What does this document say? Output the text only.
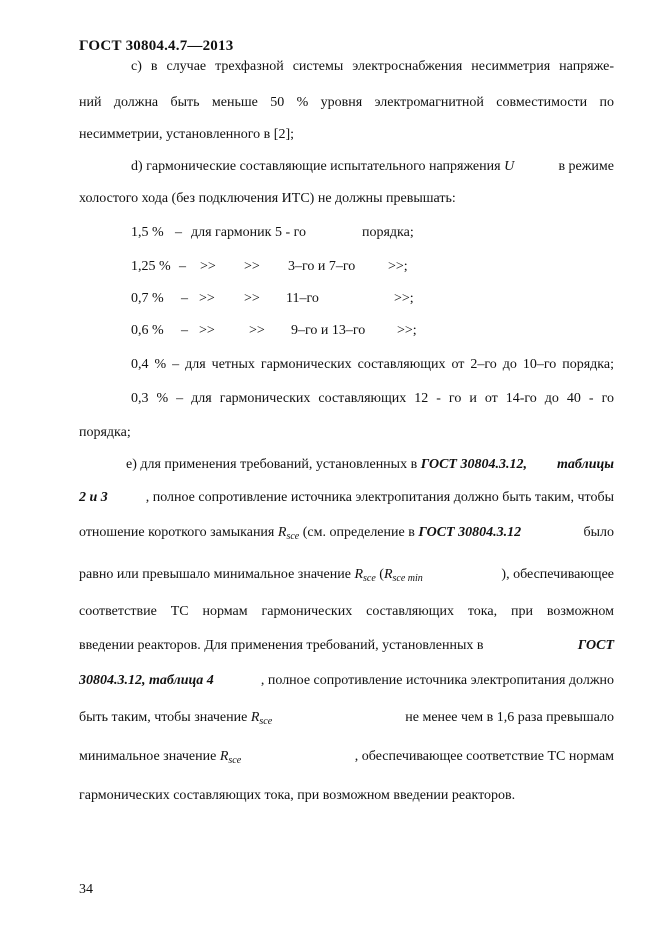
ГОСТ 30804.4.7—2013
c) в случае трехфазной системы электроснабжения несимметрия напряже-
ний должна быть меньше 50 % уровня электромагнитной совместимости по
несимметрии, установленного в [2];
d) гармонические составляющие испытательного напряжения U	в режиме
холостого хода (без подключения ИТС) не должны превышать:
1,5 % – для гармоник 5 - го	порядка;
1,25 % – >> >> 3–го и 7–го >>;
0,7 % – >> >> 11–го	>>;
0,6 % – >> >> 9–го и 13–го >>;
0,4 % – для четных гармонических составляющих от 2–го до 10–го порядка;
0,3 % – для гармонических составляющих 12 - го и от 14-го до 40 - го
порядка;
e) для применения требований, установленных в ГОСТ 30804.3.12, таблицы
2 и 3	, полное сопротивление источника электропитания должно быть таким, чтобы
отношение короткого замыкания $R_{sce}$ (см. определение в ГОСТ 30804.3.12	было
равно или превышало минимальное значение $R_{sce}$ ($R_{sce min}$	), обеспечивающее
соответствие ТС нормам гармонических составляющих тока, при возможном
введении реакторов. Для применения требований, установленных в	ГОСТ
30804.3.12, таблица 4	, полное сопротивление источника электропитания должно
быть таким, чтобы значение $R_{sce}$	не менее чем в 1,6 раза превышало
минимальное значение $R_{sce}$	, обеспечивающее соответствие ТС нормам
гармонических составляющих тока, при возможном введении реакторов.
34
